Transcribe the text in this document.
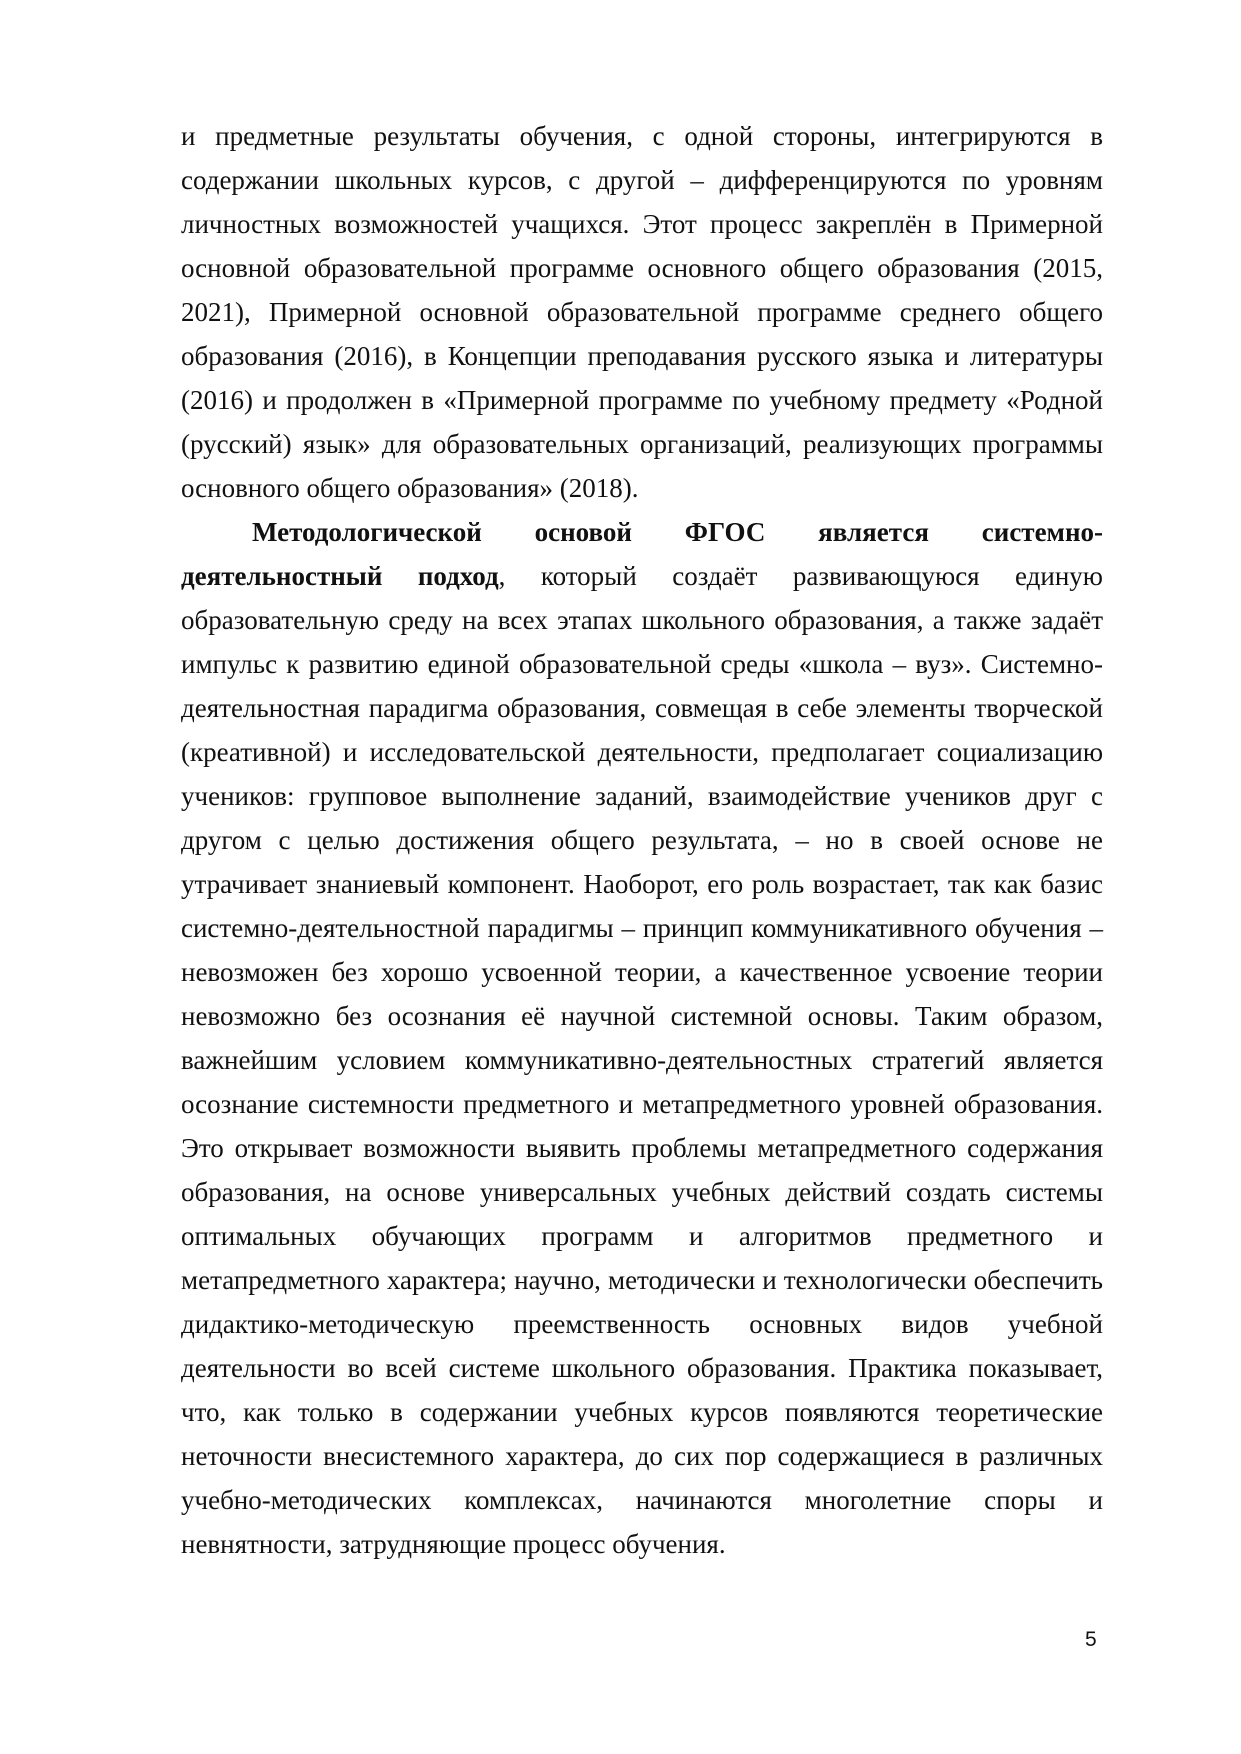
и предметные результаты обучения, с одной стороны, интегрируются в содержании школьных курсов, с другой – дифференцируются по уровням личностных возможностей учащихся. Этот процесс закреплён в Примерной основной образовательной программе основного общего образования (2015, 2021), Примерной основной образовательной программе среднего общего образования (2016), в Концепции преподавания русского языка и литературы (2016) и продолжен в «Примерной программе по учебному предмету «Родной (русский) язык» для образовательных организаций, реализующих программы основного общего образования» (2018).

Методологической основой ФГОС является системно-деятельностный подход, который создаёт развивающуюся единую образовательную среду на всех этапах школьного образования, а также задаёт импульс к развитию единой образовательной среды «школа – вуз». Системно-деятельностная парадигма образования, совмещая в себе элементы творческой (креативной) и исследовательской деятельности, предполагает социализацию учеников: групповое выполнение заданий, взаимодействие учеников друг с другом с целью достижения общего результата, – но в своей основе не утрачивает знаниевый компонент. Наоборот, его роль возрастает, так как базис системно-деятельностной парадигмы – принцип коммуникативного обучения – невозможен без хорошо усвоенной теории, а качественное усвоение теории невозможно без осознания её научной системной основы. Таким образом, важнейшим условием коммуникативно-деятельностных стратегий является осознание системности предметного и метапредметного уровней образования. Это открывает возможности выявить проблемы метапредметного содержания образования, на основе универсальных учебных действий создать системы оптимальных обучающих программ и алгоритмов предметного и метапредметного характера; научно, методически и технологически обеспечить дидактико-методическую преемственность основных видов учебной деятельности во всей системе школьного образования. Практика показывает, что, как только в содержании учебных курсов появляются теоретические неточности внесистемного характера, до сих пор содержащиеся в различных учебно-методических комплексах, начинаются многолетние споры и невнятности, затрудняющие процесс обучения.

5
